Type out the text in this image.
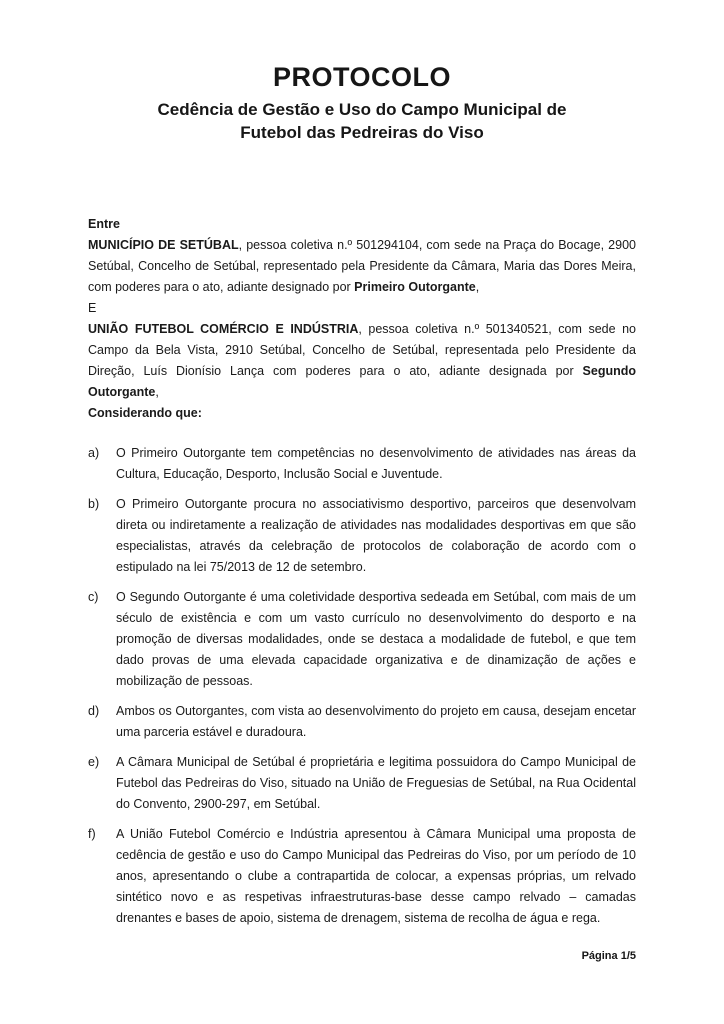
PROTOCOLO
Cedência de Gestão e Uso do Campo Municipal de
Futebol das Pedreiras do Viso

Entre

MUNICÍPIO DE SETÚBAL, pessoa coletiva n.º 501294104, com sede na Praça do Bocage, 2900 Setúbal, Concelho de Setúbal, representado pela Presidente da Câmara, Maria das Dores Meira, com poderes para o ato, adiante designado por Primeiro Outorgante,

E

UNIÃO FUTEBOL COMÉRCIO E INDÚSTRIA, pessoa coletiva n.º 501340521, com sede no Campo da Bela Vista, 2910 Setúbal, Concelho de Setúbal, representada pelo Presidente da Direção, Luís Dionísio Lança com poderes para o ato, adiante designada por Segundo Outorgante,

Considerando que:

a)	O Primeiro Outorgante tem competências no desenvolvimento de atividades nas áreas da Cultura, Educação, Desporto, Inclusão Social e Juventude.

b)	O Primeiro Outorgante procura no associativismo desportivo, parceiros que desenvolvam direta ou indiretamente a realização de atividades nas modalidades desportivas em que são especialistas, através da celebração de protocolos de colaboração de acordo com o estipulado na lei 75/2013 de 12 de setembro.

c)	O Segundo Outorgante é uma coletividade desportiva sedeada em Setúbal, com mais de um século de existência e com um vasto currículo no desenvolvimento do desporto e na promoção de diversas modalidades, onde se destaca a modalidade de futebol, e que tem dado provas de uma elevada capacidade organizativa e de dinamização de ações e mobilização de pessoas.

d)	Ambos os Outorgantes, com vista ao desenvolvimento do projeto em causa, desejam encetar uma parceria estável e duradoura.

e)	A Câmara Municipal de Setúbal é proprietária e legitima possuidora do Campo Municipal de Futebol das Pedreiras do Viso, situado na União de Freguesias de Setúbal, na Rua Ocidental do Convento, 2900-297, em Setúbal.

f)	A União Futebol Comércio e Indústria apresentou à Câmara Municipal uma proposta de cedência de gestão e uso do Campo Municipal das Pedreiras do Viso, por um período de 10 anos, apresentando o clube a contrapartida de colocar, a expensas próprias, um relvado sintético novo e as respetivas infraestruturas-base desse campo relvado – camadas drenantes e bases de apoio, sistema de drenagem, sistema de recolha de água e rega.

Página 1/5
